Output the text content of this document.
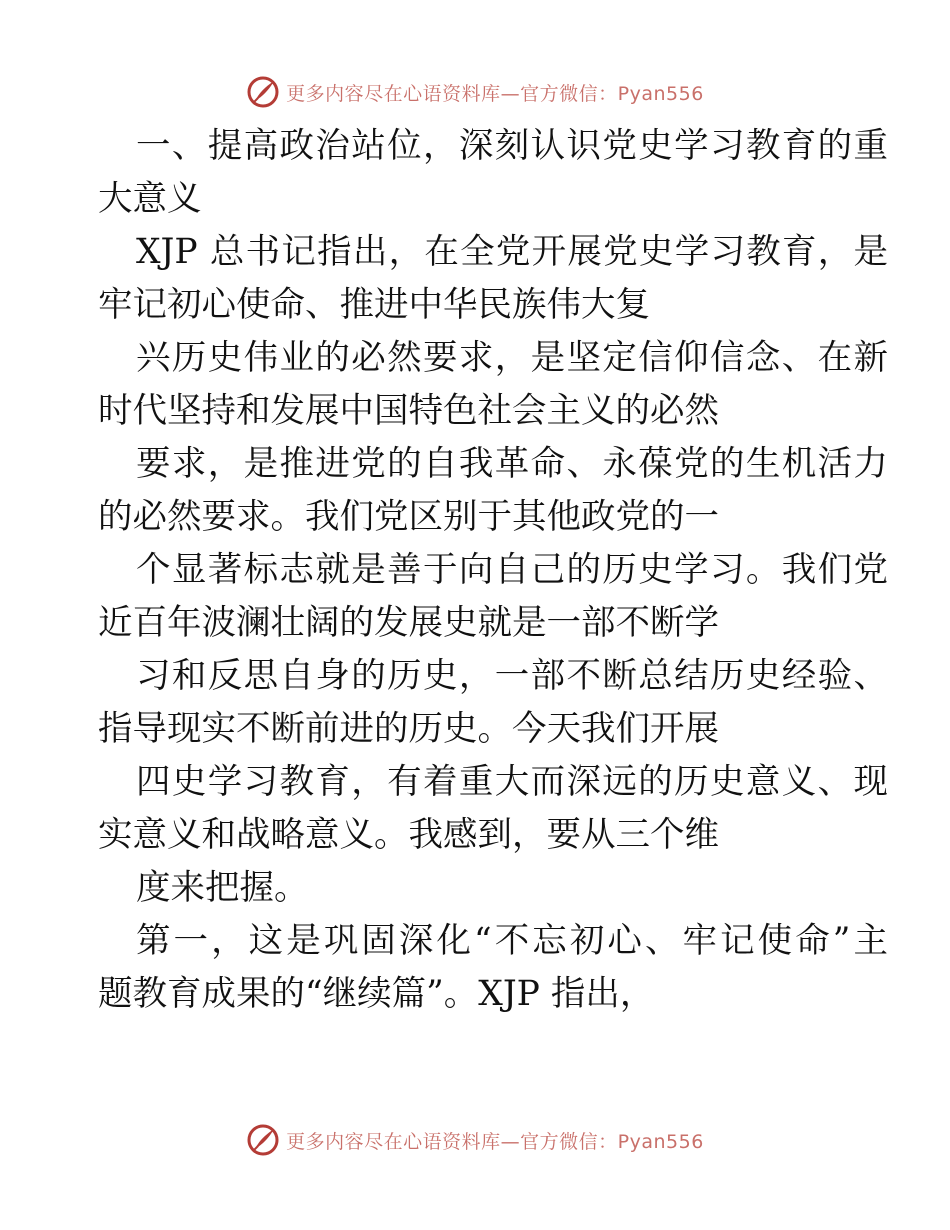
更多内容尽在心语资料库—官方微信：Pyan556
一、提高政治站位，深刻认识党史学习教育的重
大意义
XJP 总书记指出，在全党开展党史学习教育，是
牢记初心使命、推进中华民族伟大复
兴历史伟业的必然要求，是坚定信仰信念、在新
时代坚持和发展中国特色社会主义的必然
要求，是推进党的自我革命、永葆党的生机活力
的必然要求。我们党区别于其他政党的一
个显著标志就是善于向自己的历史学习。我们党
近百年波澜壮阔的发展史就是一部不断学
习和反思自身的历史，一部不断总结历史经验、
指导现实不断前进的历史。今天我们开展
四史学习教育，有着重大而深远的历史意义、现
实意义和战略意义。我感到，要从三个维
度来把握。
第一，这是巩固深化“不忘初心、牢记使命”主
题教育成果的“继续篇”。XJP 指出，
更多内容尽在心语资料库—官方微信：Pyan556
